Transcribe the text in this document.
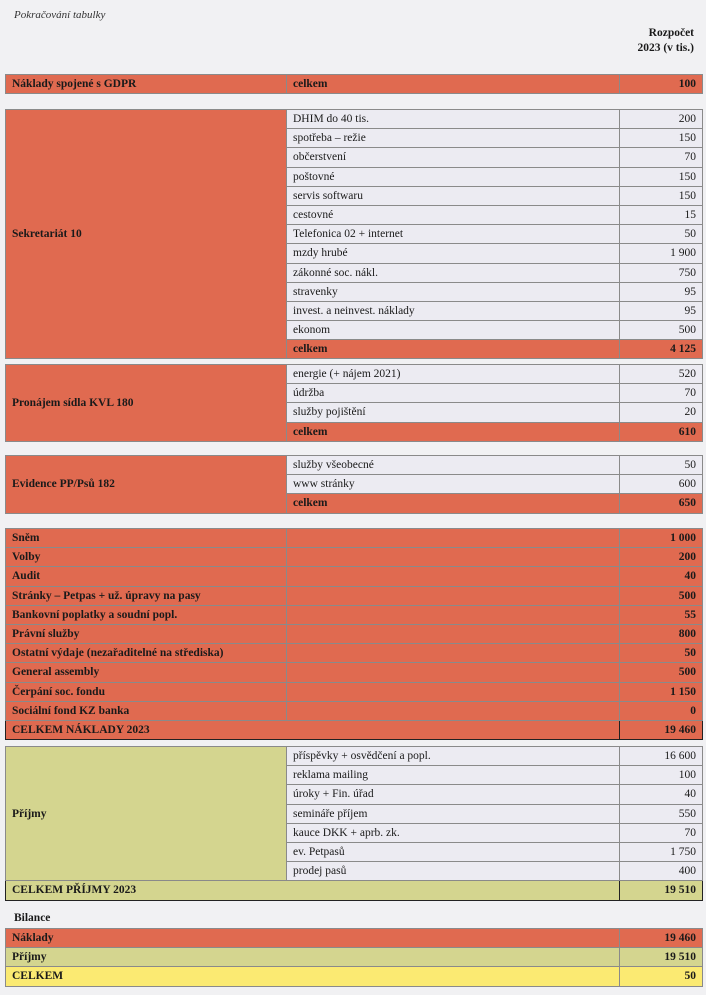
Pokračování tabulky
Rozpočet
2023 (v tis.)
Náklady spojené s GDPR	celkem	100
Sekretariát 10	DHIM do 40 tis.	200
	spotřeba – režie	150
	občerstvení	70
	poštovné	150
	servis softwaru	150
	cestovné	15
	Telefonica 02 + internet	50
	mzdy hrubé	1 900
	zákonné soc. nákl.	750
	stravenky	95
	invest. a neinvest. náklady	95
	ekonom	500
	celkem	4 125
Pronájem sídla KVL 180	energie (+ nájem 2021)	520
	údržba	70
	služby pojištění	20
	celkem	610
Evidence PP/Psů 182	služby všeobecné	50
	www stránky	600
	celkem	650
Sněm		1 000
Volby		200
Audit		40
Stránky – Petpas + už. úpravy na pasy		500
Bankovní poplatky a soudní popl.		55
Právní služby		800
Ostatní výdaje (nezařaditelné na střediska)		50
General assembly		500
Čerpání soc. fondu		1 150
Sociální fond KZ banka		0
CELKEM NÁKLADY 2023		19 460
Příjmy	příspěvky + osvědčení a popl.	16 600
	reklama mailing	100
	úroky + Fin. úřad	40
	semináře příjem	550
	kauce DKK + aprb. zk.	70
	ev. Petpasů	1 750
	prodej pasů	400
CELKEM PŘÍJMY 2023		19 510
Bilance
Náklady	19 460
Příjmy	19 510
CELKEM	50
